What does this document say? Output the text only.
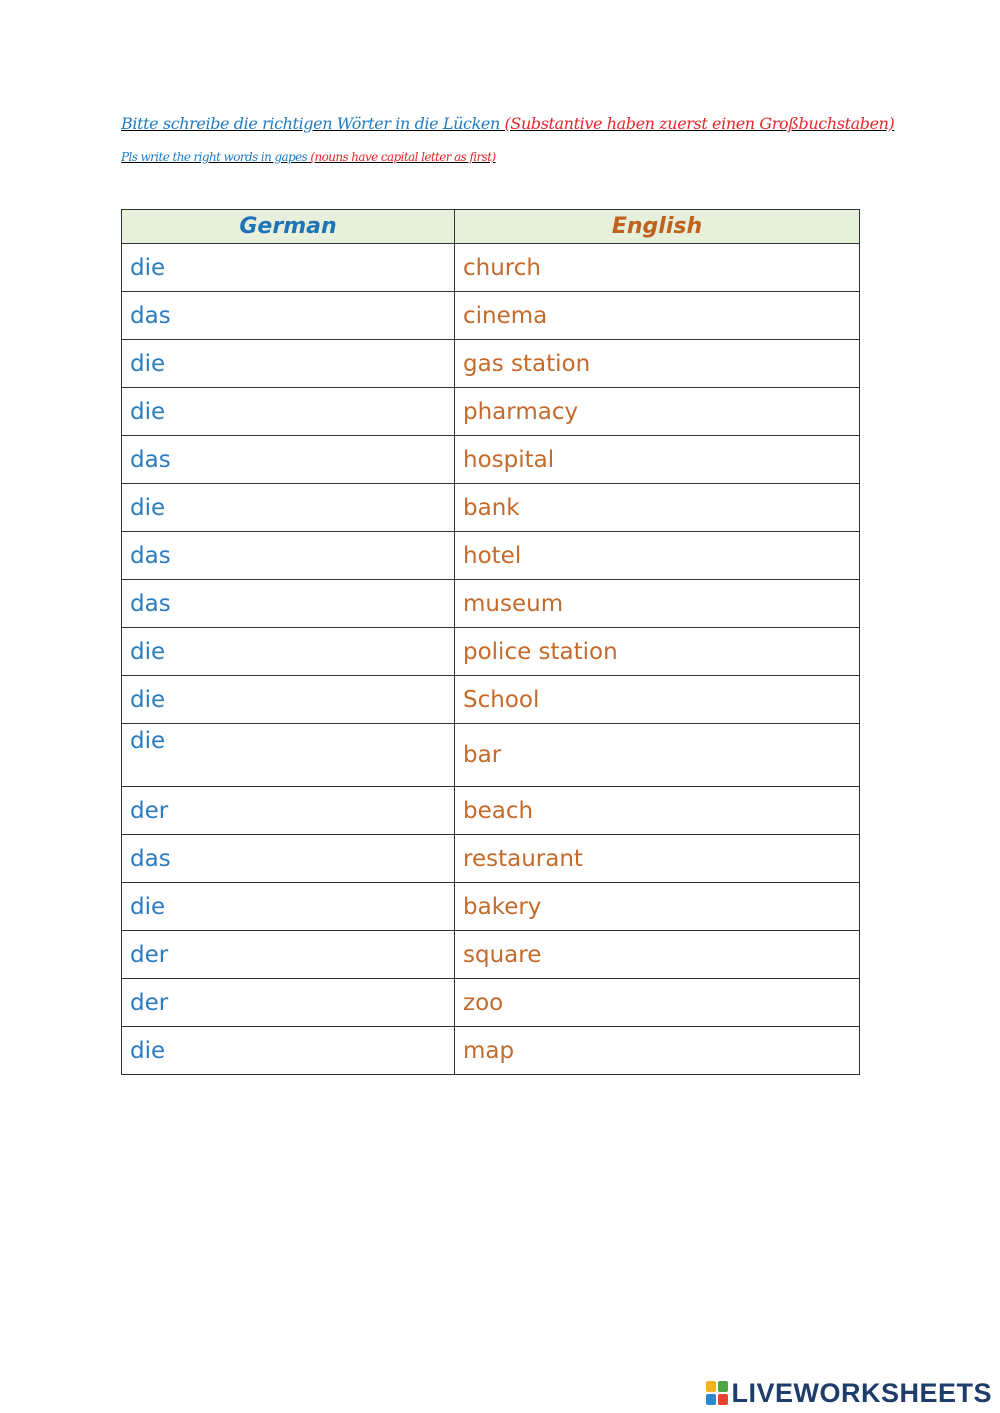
Bitte schreibe die richtigen Wörter in die Lücken (Substantive haben zuerst einen Großbuchstaben)

Pls write the right words in gapes (nouns have capital letter as first)

German	English
die	church
das	cinema
die	gas station
die	pharmacy
das	hospital
die	bank
das	hotel
das	museum
die	police station
die	School
die	bar
der	beach
das	restaurant
die	bakery
der	square
der	zoo
die	map
LIVEWORKSHEETS
